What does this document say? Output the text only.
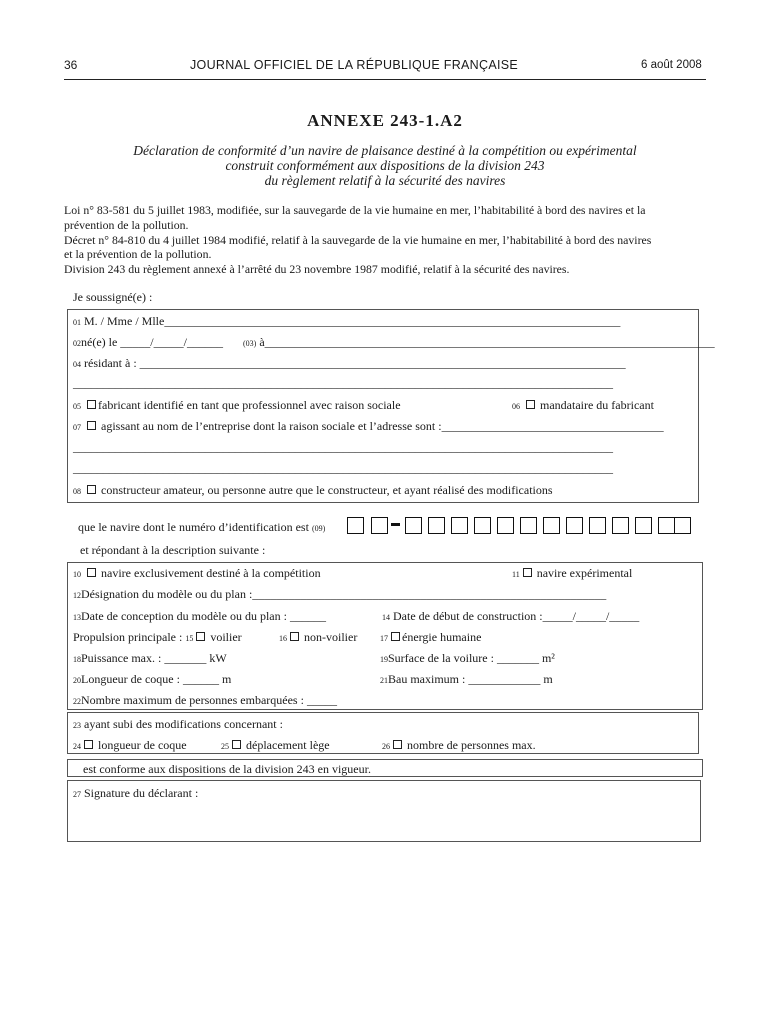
36	JOURNAL OFFICIEL DE LA RÉPUBLIQUE FRANÇAISE	6 août 2008
ANNEXE 243-1.A2
Déclaration de conformité d’un navire de plaisance destiné à la compétition ou expérimental
construit conformément aux dispositions de la division 243
du règlement relatif à la sécurité des navires
Loi n° 83-581 du 5 juillet 1983, modifiée, sur la sauvegarde de la vie humaine en mer, l’habitabilité à bord des navires et la
prévention de la pollution.
Décret n° 84-810 du 4 juillet 1984 modifié, relatif à la sauvegarde de la vie humaine en mer, l’habitabilité à bord des navires
et la prévention de la pollution.
Division 243 du règlement annexé à l’arrêté du 23 novembre 1987 modifié, relatif à la sécurité des navires.
Je soussigné(e) :
01 M. / Mme / Mlle____________________________________________________________________________
02né(e) le _____/_____/______	(03) à___________________________________________________________________________
04 résidant à : _________________________________________________________________________________
__________________________________________________________________________________________
05 fabricant identifié en tant que professionnel avec raison sociale	06 mandataire du fabricant
07 agissant au nom de l’entreprise dont la raison sociale et l’adresse sont :_____________________________________
__________________________________________________________________________________________
__________________________________________________________________________________________
08 constructeur amateur, ou personne autre que le constructeur, et ayant réalisé des modifications
que le navire dont le numéro d’identification est (09)
et répondant à la description suivante :
10 navire exclusivement destiné à la compétition	11 navire expérimental
12Désignation du modèle ou du plan :___________________________________________________________
13Date de conception du modèle ou du plan : ______	14 Date de début de construction :_____/_____/_____
Propulsion principale : 15 voilier	16 non-voilier	17 énergie humaine
18Puissance max. : _______ kW	19Surface de la voilure : _______ m²
20Longueur de coque : ______ m	21Bau maximum : ____________ m
22Nombre maximum de personnes embarquées : _____
23 ayant subi des modifications concernant :
24 longueur de coque	25 déplacement lège	26 nombre de personnes max.
est conforme aux dispositions de la division 243 en vigueur.
27 Signature du déclarant :
